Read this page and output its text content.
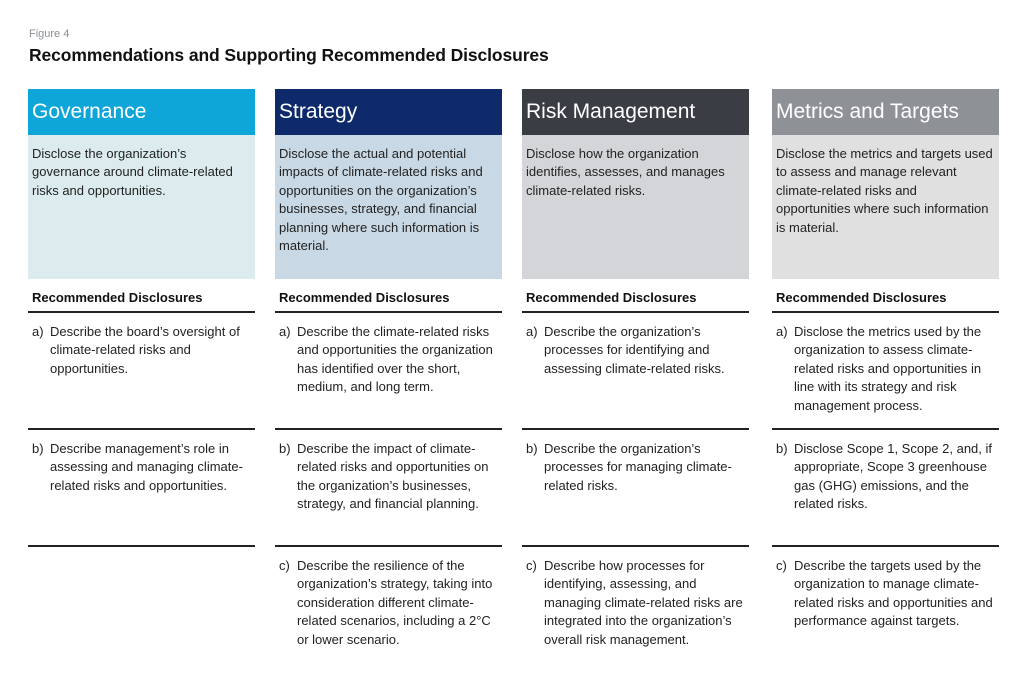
Figure 4
Recommendations and Supporting Recommended Disclosures
Governance
Disclose the organization’s governance around climate-related risks and opportunities.
Recommended Disclosures
a) Describe the board’s oversight of climate-related risks and opportunities.
b) Describe management’s role in assessing and managing climate-related risks and opportunities.
Strategy
Disclose the actual and potential impacts of climate-related risks and opportunities on the organization’s businesses, strategy, and financial planning where such information is material.
Recommended Disclosures
a) Describe the climate-related risks and opportunities the organization has identified over the short, medium, and long term.
b) Describe the impact of climate-related risks and opportunities on the organization’s businesses, strategy, and financial planning.
c) Describe the resilience of the organization’s strategy, taking into consideration different climate-related scenarios, including a 2°C or lower scenario.
Risk Management
Disclose how the organization identifies, assesses, and manages climate-related risks.
Recommended Disclosures
a) Describe the organization’s processes for identifying and assessing climate-related risks.
b) Describe the organization’s processes for managing climate-related risks.
c) Describe how processes for identifying, assessing, and managing climate-related risks are integrated into the organization’s overall risk management.
Metrics and Targets
Disclose the metrics and targets used to assess and manage relevant climate-related risks and opportunities where such information is material.
Recommended Disclosures
a) Disclose the metrics used by the organization to assess climate-related risks and opportunities in line with its strategy and risk management process.
b) Disclose Scope 1, Scope 2, and, if appropriate, Scope 3 greenhouse gas (GHG) emissions, and the related risks.
c) Describe the targets used by the organization to manage climate-related risks and opportunities and performance against targets.
